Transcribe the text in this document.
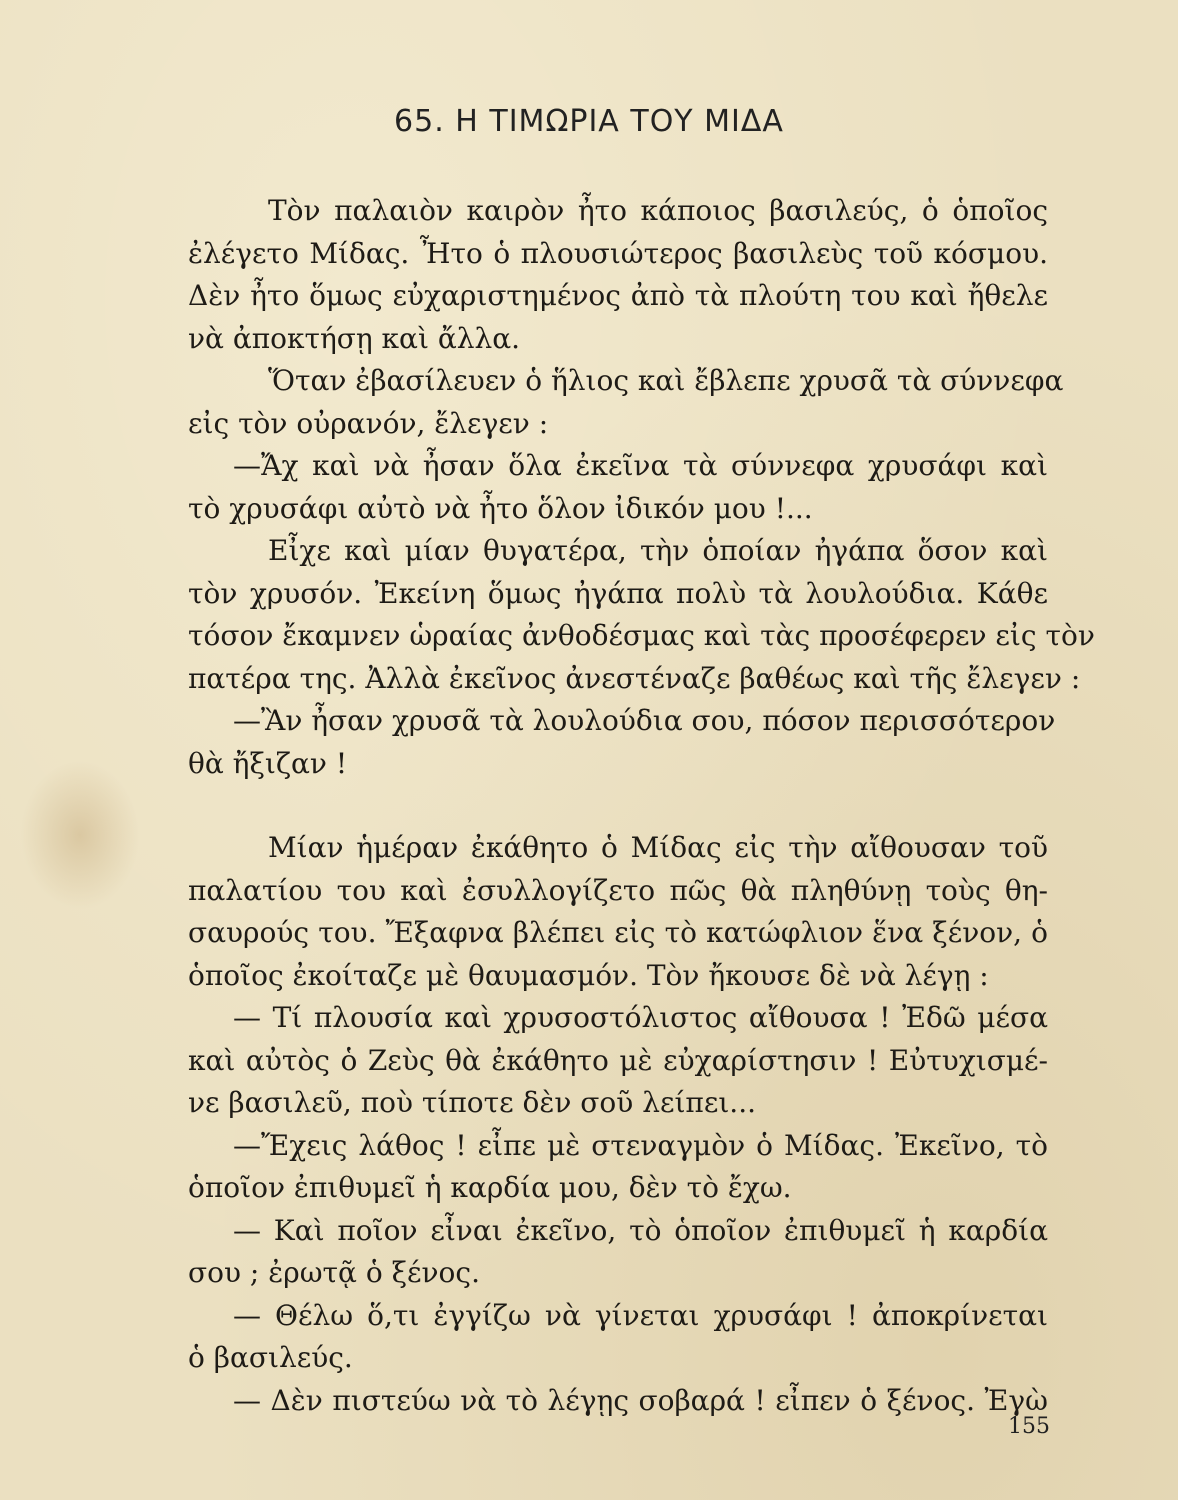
65. Η ΤΙΜΩΡΙΑ ΤΟΥ ΜΙΔΑ
Τὸν παλαιὸν καιρὸν ἦτο κάποιος βασιλεύς, ὁ ὁποῖος
ἐλέγετο Μίδας. Ἦτο ὁ πλουσιώτερος βασιλεὺς τοῦ κόσμου.
Δὲν ἦτο ὅμως εὐχαριστημένος ἀπὸ τὰ πλούτη του καὶ ἤθελε
νὰ ἀποκτήσῃ καὶ ἄλλα.
Ὅταν ἐβασίλευεν ὁ ἥλιος καὶ ἔβλεπε χρυσᾶ τὰ σύννεφα
εἰς τὸν οὐρανόν, ἔλεγεν :
—Ἄχ καὶ νὰ ἦσαν ὅλα ἐκεῖνα τὰ σύννεφα χρυσάφι καὶ
τὸ χρυσάφι αὐτὸ νὰ ἦτο ὅλον ἰδικόν μου !...
Εἶχε καὶ μίαν θυγατέρα, τὴν ὁποίαν ἠγάπα ὅσον καὶ
τὸν χρυσόν. Ἐκείνη ὅμως ἠγάπα πολὺ τὰ λουλούδια. Κάθε
τόσον ἔκαμνεν ὡραίας ἀνθοδέσμας καὶ τὰς προσέφερεν εἰς τὸν
πατέρα της. Ἀλλὰ ἐκεῖνος ἀνεστέναζε βαθέως καὶ τῆς ἔλεγεν :
—Ἂν ἦσαν χρυσᾶ τὰ λουλούδια σου, πόσον περισσότερον
θὰ ἤξιζαν !
Μίαν ἡμέραν ἐκάθητο ὁ Μίδας εἰς τὴν αἴθουσαν τοῦ
παλατίου του καὶ ἐσυλλογίζετο πῶς θὰ πληθύνῃ τοὺς θη-
σαυρούς του. Ἔξαφνα βλέπει εἰς τὸ κατώφλιον ἕνα ξένον, ὁ
ὁποῖος ἐκοίταζε μὲ θαυμασμόν. Τὸν ἤκουσε δὲ νὰ λέγῃ :
— Τί πλουσία καὶ χρυσοστόλιστος αἴθουσα ! Ἐδῶ μέσα
καὶ αὐτὸς ὁ Ζεὺς θὰ ἐκάθητο μὲ εὐχαρίστησιν ! Εὐτυχισμέ-
νε βασιλεῦ, ποὺ τίποτε δὲν σοῦ λείπει...
—Ἔχεις λάθος ! εἶπε μὲ στεναγμὸν ὁ Μίδας. Ἐκεῖνο, τὸ
ὁποῖον ἐπιθυμεῖ ἡ καρδία μου, δὲν τὸ ἔχω.
— Καὶ ποῖον εἶναι ἐκεῖνο, τὸ ὁποῖον ἐπιθυμεῖ ἡ καρδία
σου ; ἐρωτᾷ ὁ ξένος.
— Θέλω ὅ,τι ἐγγίζω νὰ γίνεται χρυσάφι ! ἀποκρίνεται
ὁ βασιλεύς.
— Δὲν πιστεύω νὰ τὸ λέγῃς σοβαρά ! εἶπεν ὁ ξένος. Ἐγὼ
155
